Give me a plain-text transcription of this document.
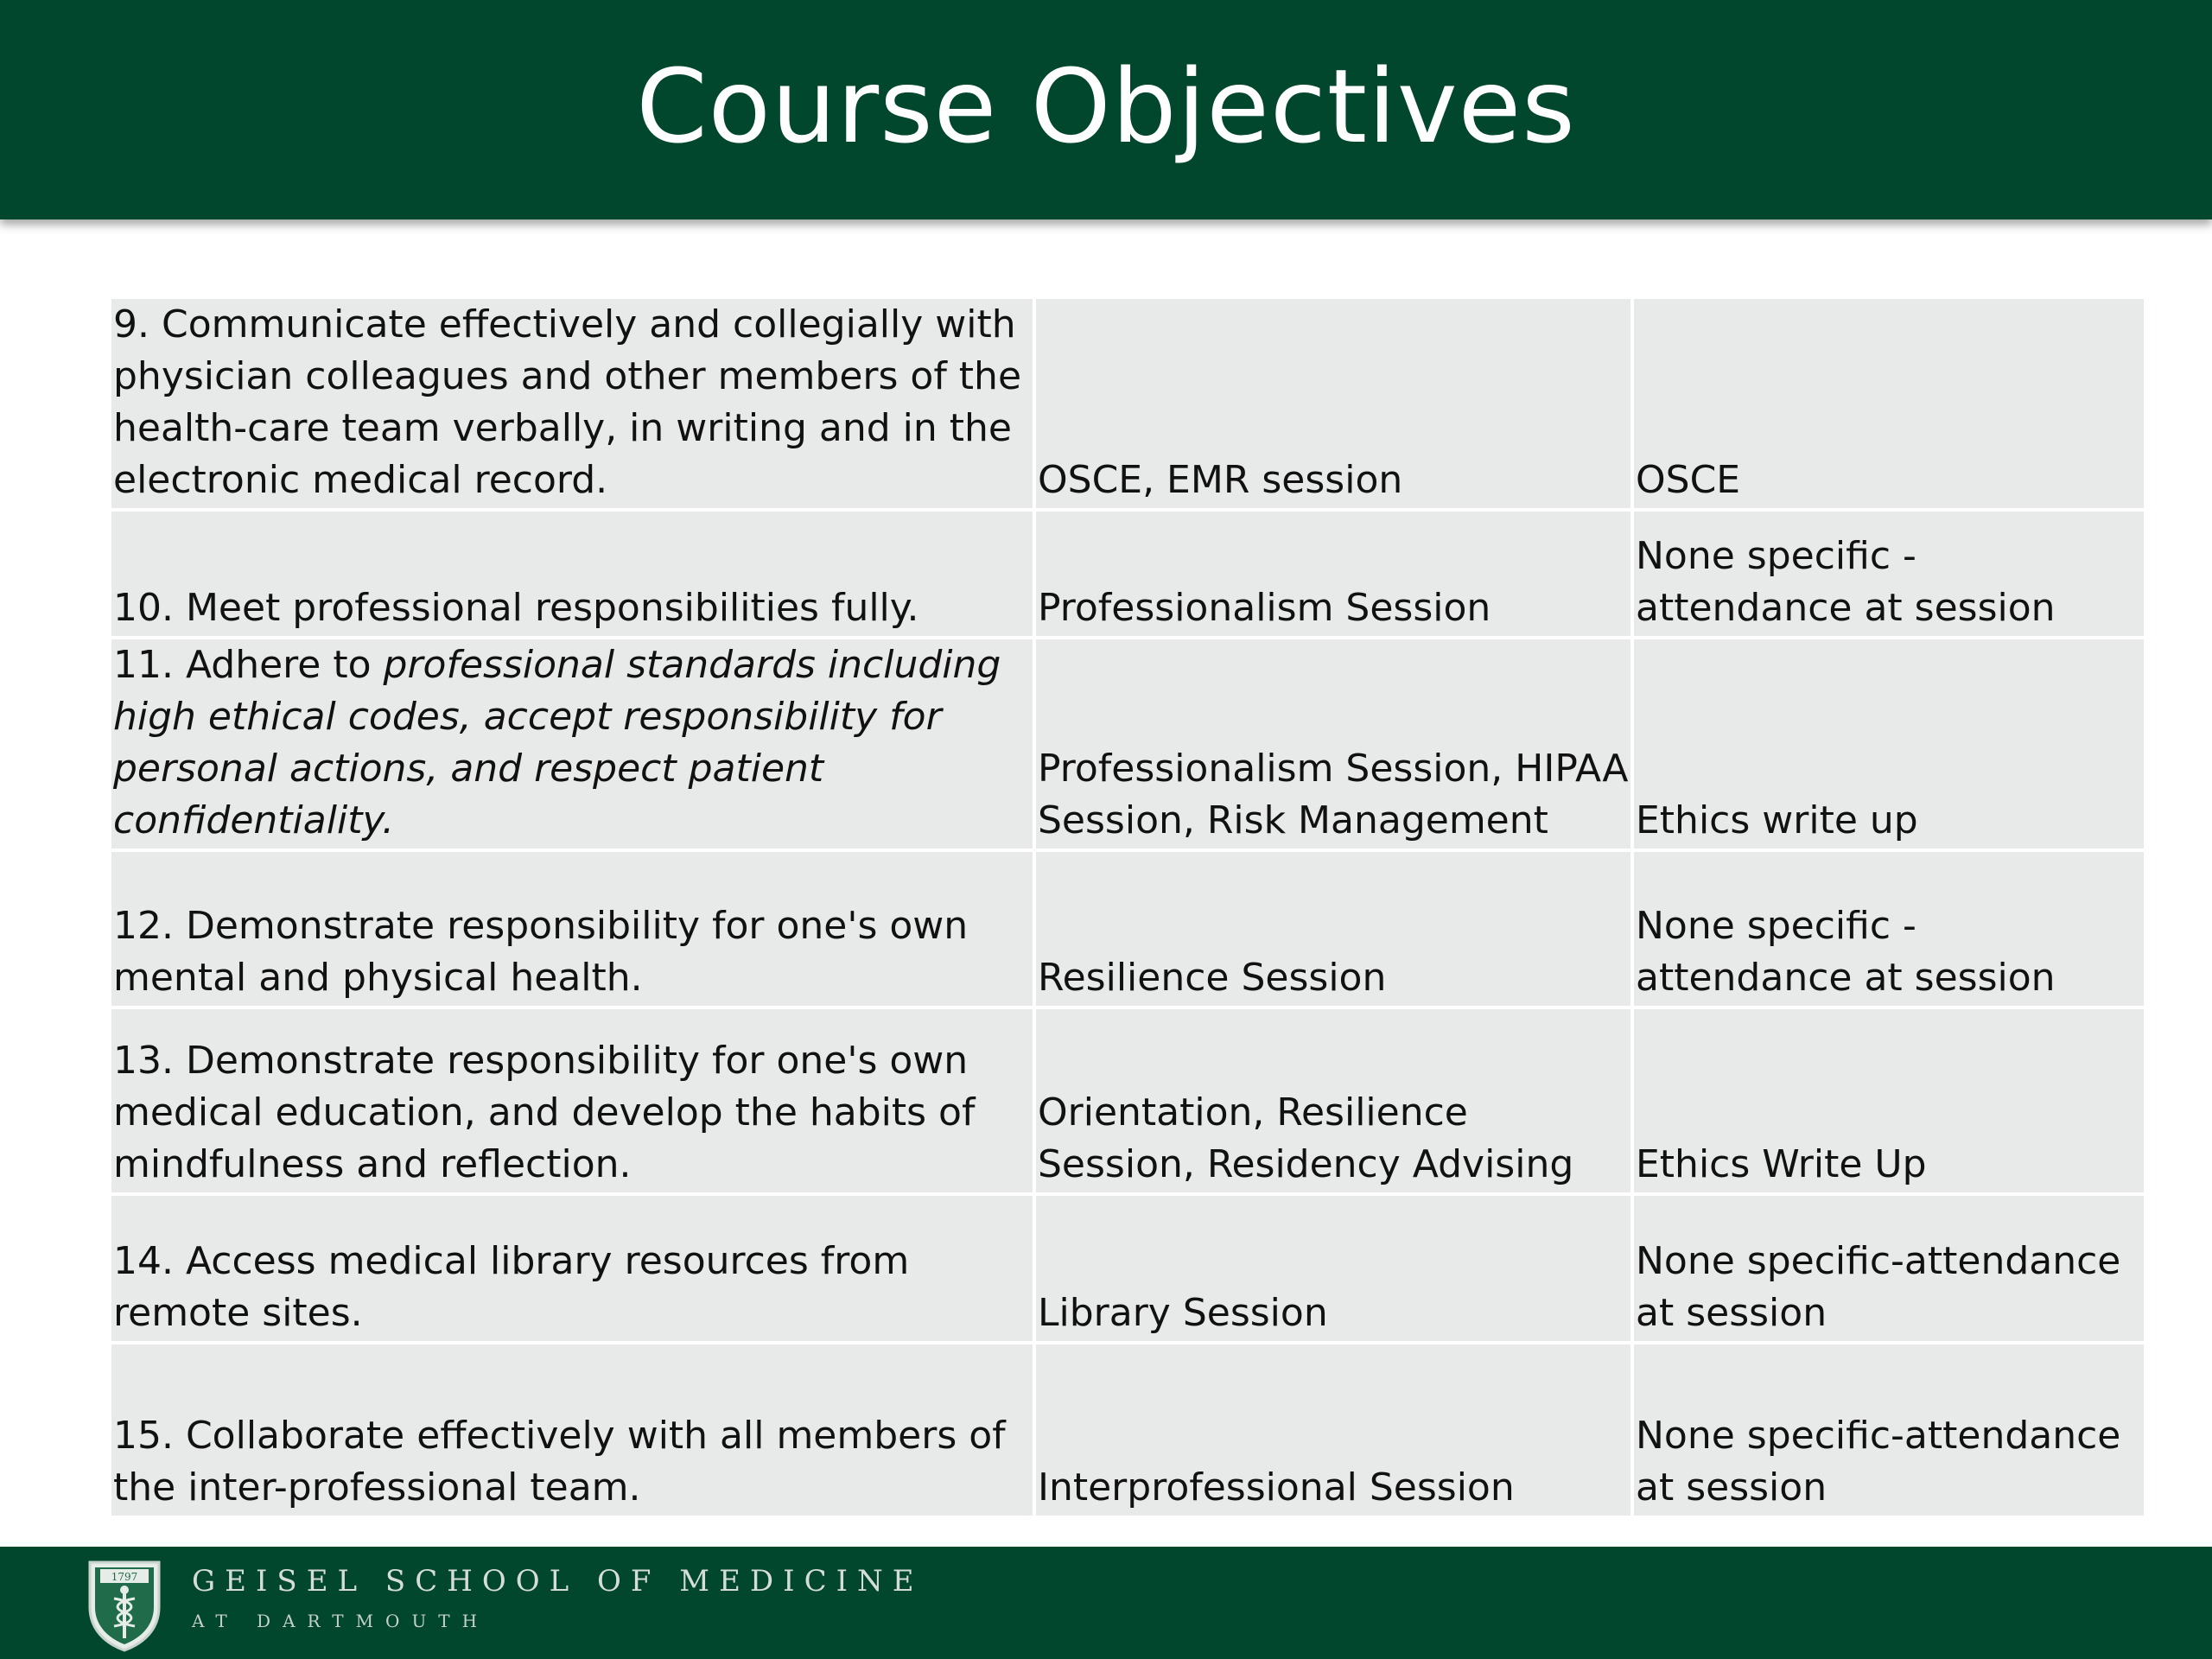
Course Objectives
9. Communicate effectively and collegially with physician colleagues and other members of the health-care team verbally, in writing and in the electronic medical record.	OSCE, EMR session	OSCE

10. Meet professional responsibilities fully.	Professionalism Session	None specific - attendance at session

11. Adhere to professional standards including high ethical codes, accept responsibility for personal actions, and respect patient confidentiality.	Professionalism Session, HIPAA Session, Risk Management	Ethics write up

12. Demonstrate responsibility for one's own mental and physical health.	Resilience Session	None specific - attendance at session

13. Demonstrate responsibility for one's own medical education, and develop the habits of mindfulness and reflection.	Orientation, Resilience Session, Residency Advising	Ethics Write Up

14. Access medical library resources from remote sites.	Library Session	None specific-attendance at session

15. Collaborate effectively with all members of the inter-professional team.	Interprofessional Session	None specific-attendance at session
1797 GEISEL SCHOOL OF MEDICINE
AT DARTMOUTH
